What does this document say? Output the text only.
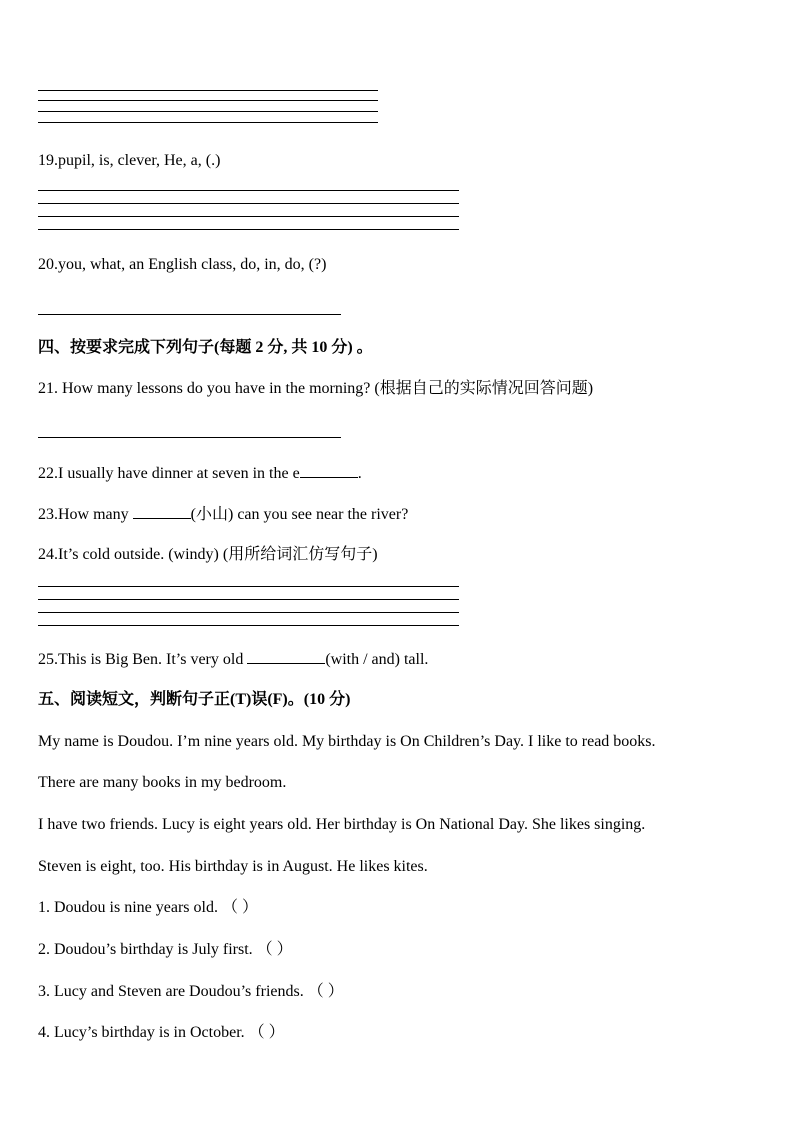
19.pupil, is, clever, He, a, (.)
20.you, what, an English class, do, in, do, (?)
四、按要求完成下列句子(每题 2 分, 共 10 分) 。
21. How many lessons do you have in the morning? (根据自己的实际情况回答问题)
22.I usually have dinner at seven in the e	.
23.How many	(小山) can you see near the river?
24.It’s cold outside. (windy) (用所给词汇仿写句子)
25.This is Big Ben. It’s very old	(with / and) tall.
五、阅读短文，判断句子正(T)误(F)。(10 分)
My name is Doudou. I’m nine years old. My birthday is On Children’s Day. I like to read books.
There are many books in my bedroom.
I have two friends. Lucy is eight years old. Her birthday is On National Day. She likes singing.
Steven is eight, too. His birthday is in August. He likes kites.
1. Doudou is nine years old. （ ）
2. Doudou’s birthday is July first. （ ）
3. Lucy and Steven are Doudou’s friends. （ ）
4. Lucy’s birthday is in October. （ ）
